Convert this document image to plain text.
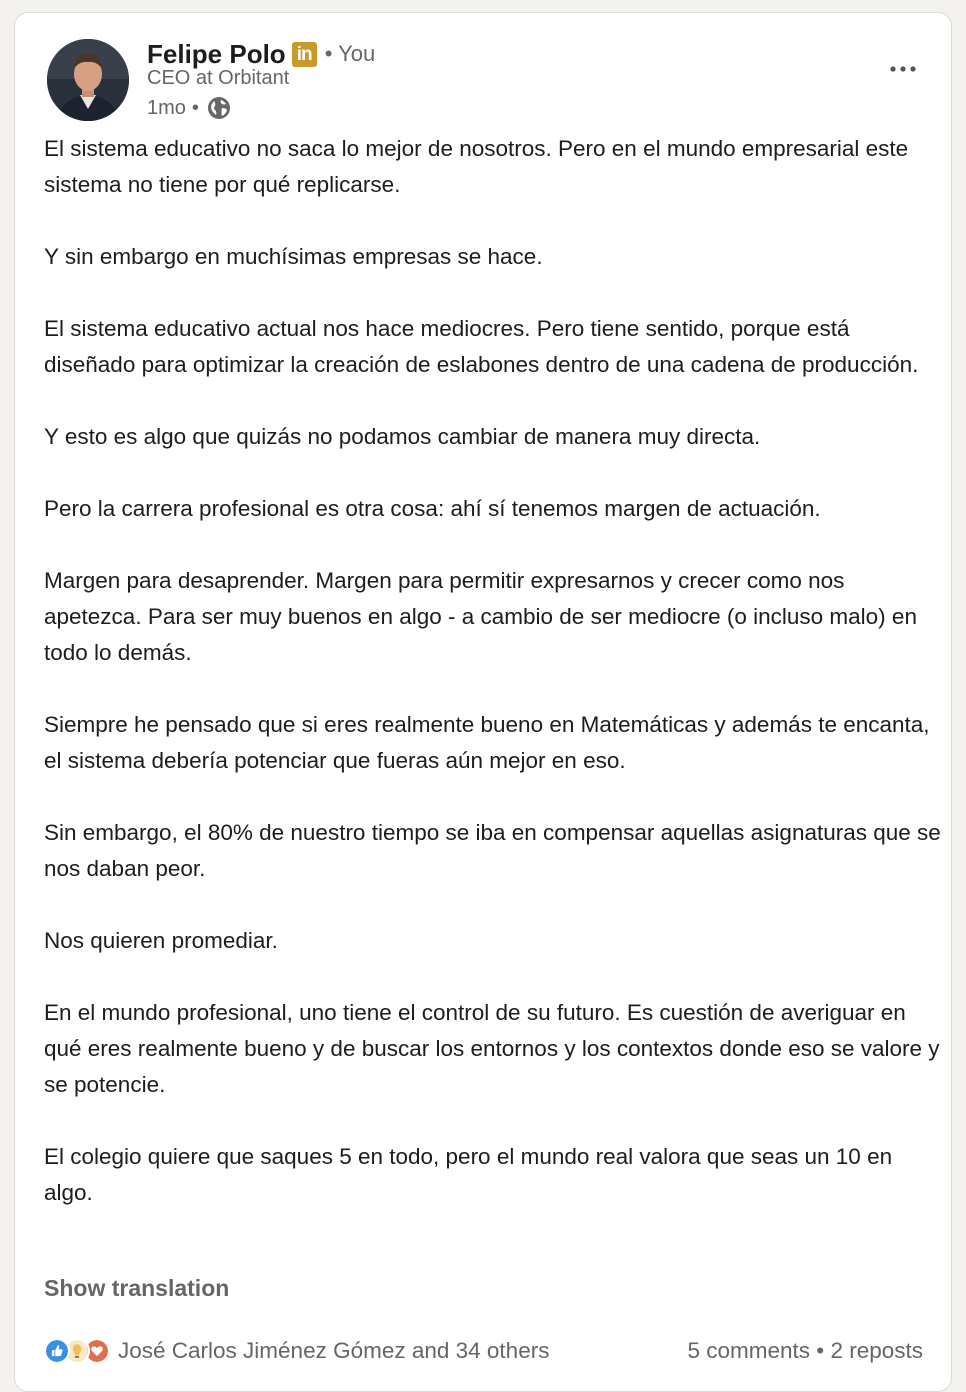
Felipe Polo in • You
CEO at Orbitant
1mo •

El sistema educativo no saca lo mejor de nosotros. Pero en el mundo empresarial este sistema no tiene por qué replicarse.

Y sin embargo en muchísimas empresas se hace.

El sistema educativo actual nos hace mediocres. Pero tiene sentido, porque está diseñado para optimizar la creación de eslabones dentro de una cadena de producción.

Y esto es algo que quizás no podamos cambiar de manera muy directa.

Pero la carrera profesional es otra cosa: ahí sí tenemos margen de actuación.

Margen para desaprender. Margen para permitir expresarnos y crecer como nos apetezca. Para ser muy buenos en algo - a cambio de ser mediocre (o incluso malo) en todo lo demás.

Siempre he pensado que si eres realmente bueno en Matemáticas y además te encanta, el sistema debería potenciar que fueras aún mejor en eso.

Sin embargo, el 80% de nuestro tiempo se iba en compensar aquellas asignaturas que se nos daban peor.

Nos quieren promediar.

En el mundo profesional, uno tiene el control de su futuro. Es cuestión de averiguar en qué eres realmente bueno y de buscar los entornos y los contextos donde eso se valore y se potencie.

El colegio quiere que saques 5 en todo, pero el mundo real valora que seas un 10 en algo.

Show translation
José Carlos Jiménez Gómez and 34 others	5 comments • 2 reposts
